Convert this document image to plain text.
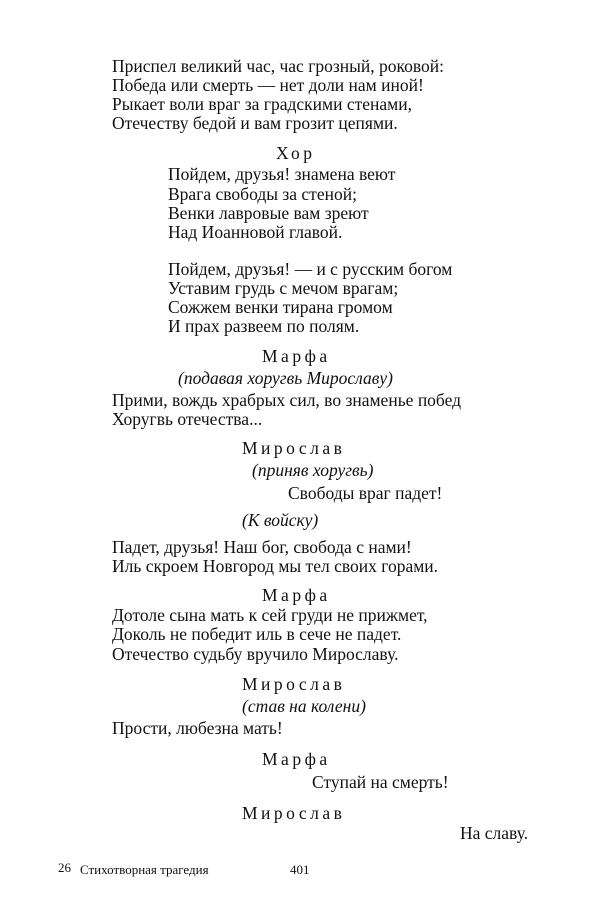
Приспел великий час, час грозный, роковой:

Победа или смерть — нет доли нам иной!

Рыкает воли враг за градскими стенами,

Отечеству бедой и вам грозит цепями.

Хор

Пойдем, друзья! знамена веют

Врага свободы за стеной;

Венки лавровые вам зреют

Над Иоанновой главой.

Пойдем, друзья! — и с русским богом

Уставим грудь с мечом врагам;

Сожжем венки тирана громом

И прах развеем по полям.

Марфа

(подавая хоругвь Мирославу)

Прими, вождь храбрых сил, во знаменье побед

Хоругвь отечества...

Мирослав

(приняв хоругвь)

Свободы враг падет!

(К войску)

Падет, друзья! Наш бог, свобода с нами!

Иль скроем Новгород мы тел своих горами.

Марфа

Дотоле сына мать к сей груди не прижмет,

Доколь не победит иль в сече не падет.

Отечество судьбу вручило Мирославу.

Мирослав

(став на колени)

Прости, любезна мать!

Марфа

Ступай на смерть!

Мирослав

На славу.

26 Стихотворная трагедия	401
